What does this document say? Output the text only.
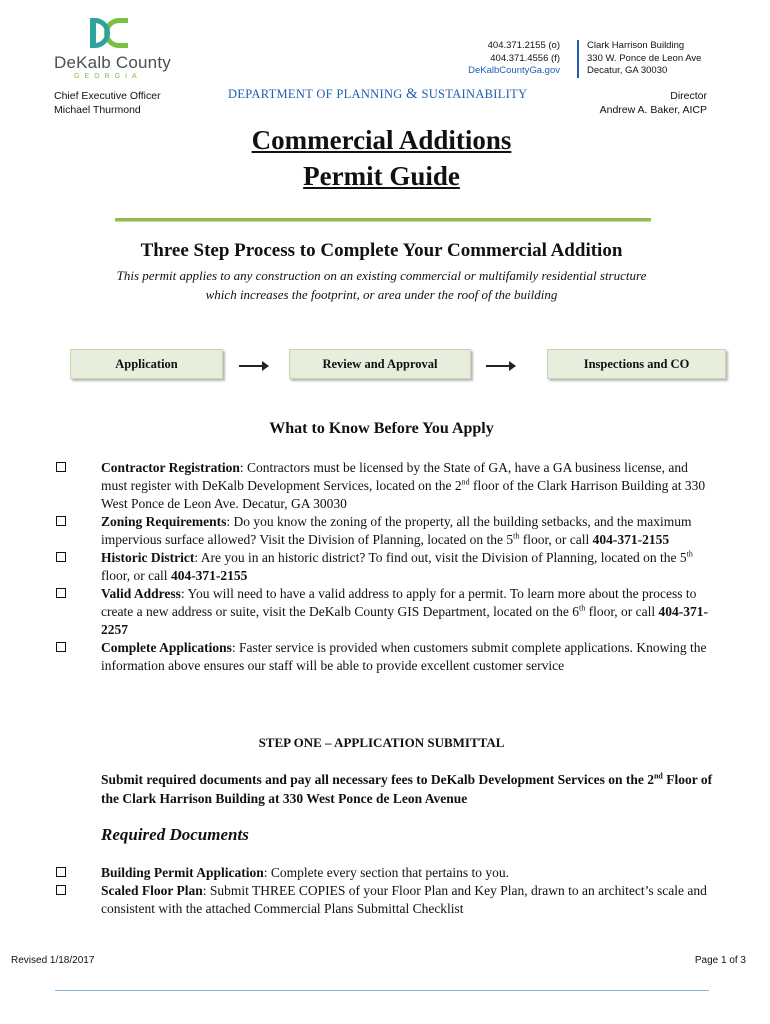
DeKalb County
GEORGIA
404.371.2155 (o)
404.371.4556 (f)
DeKalbCountyGa.gov
Clark Harrison Building
330 W. Ponce de Leon Ave
Decatur, GA 30030
Chief Executive Officer
Michael Thurmond
DEPARTMENT OF PLANNING & SUSTAINABILITY	Director
Andrew A. Baker, AICP
Commercial Additions
Permit Guide
Three Step Process to Complete Your Commercial Addition
This permit applies to any construction on an existing commercial or multifamily residential structure
which increases the footprint, or area under the roof of the building
Application	Review and Approval	Inspections and CO
What to Know Before You Apply
Contractor Registration: Contractors must be licensed by the State of GA, have a GA business license, and must register with DeKalb Development Services, located on the 2nd floor of the Clark Harrison Building at 330 West Ponce de Leon Ave. Decatur, GA 30030
Zoning Requirements: Do you know the zoning of the property, all the building setbacks, and the maximum impervious surface allowed? Visit the Division of Planning, located on the 5th floor, or call 404-371-2155
Historic District: Are you in an historic district? To find out, visit the Division of Planning, located on the 5th floor, or call 404-371-2155
Valid Address: You will need to have a valid address to apply for a permit. To learn more about the process to create a new address or suite, visit the DeKalb County GIS Department, located on the 6th floor, or call 404-371-2257
Complete Applications: Faster service is provided when customers submit complete applications. Knowing the information above ensures our staff will be able to provide excellent customer service
STEP ONE – APPLICATION SUBMITTAL
Submit required documents and pay all necessary fees to DeKalb Development Services on the 2nd Floor of the Clark Harrison Building at 330 West Ponce de Leon Avenue
Required Documents
Building Permit Application: Complete every section that pertains to you.
Scaled Floor Plan: Submit THREE COPIES of your Floor Plan and Key Plan, drawn to an architect’s scale and consistent with the attached Commercial Plans Submittal Checklist
Revised 1/18/2017	Page 1 of 3
